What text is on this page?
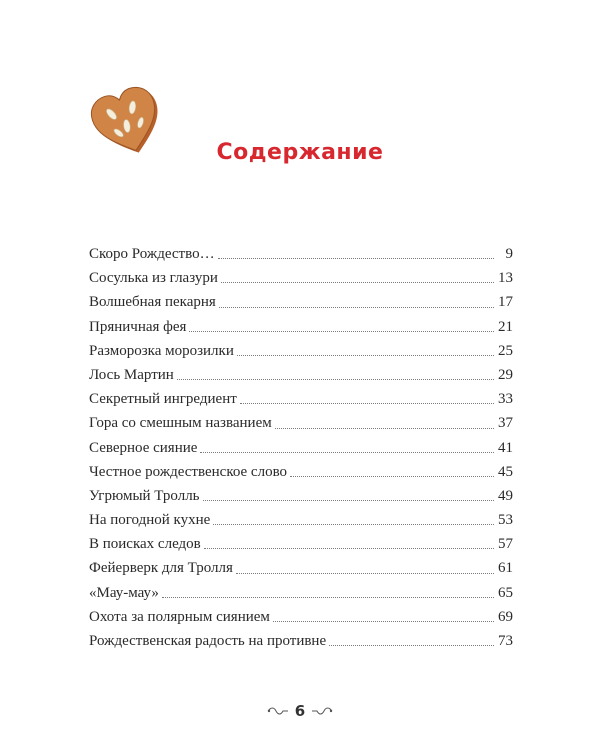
Содержание
Скоро Рождество…	9
Сосулька из глазури	13
Волшебная пекарня	17
Пряничная фея	21
Разморозка морозилки	25
Лось Мартин	29
Секретный ингредиент	33
Гора со смешным названием	37
Северное сияние	41
Честное рождественское слово	45
Угрюмый Тролль	49
На погодной кухне	53
В поисках следов	57
Фейерверк для Тролля	61
«Мау-мау»	65
Охота за полярным сиянием	69
Рождественская радость на противне	73
6
